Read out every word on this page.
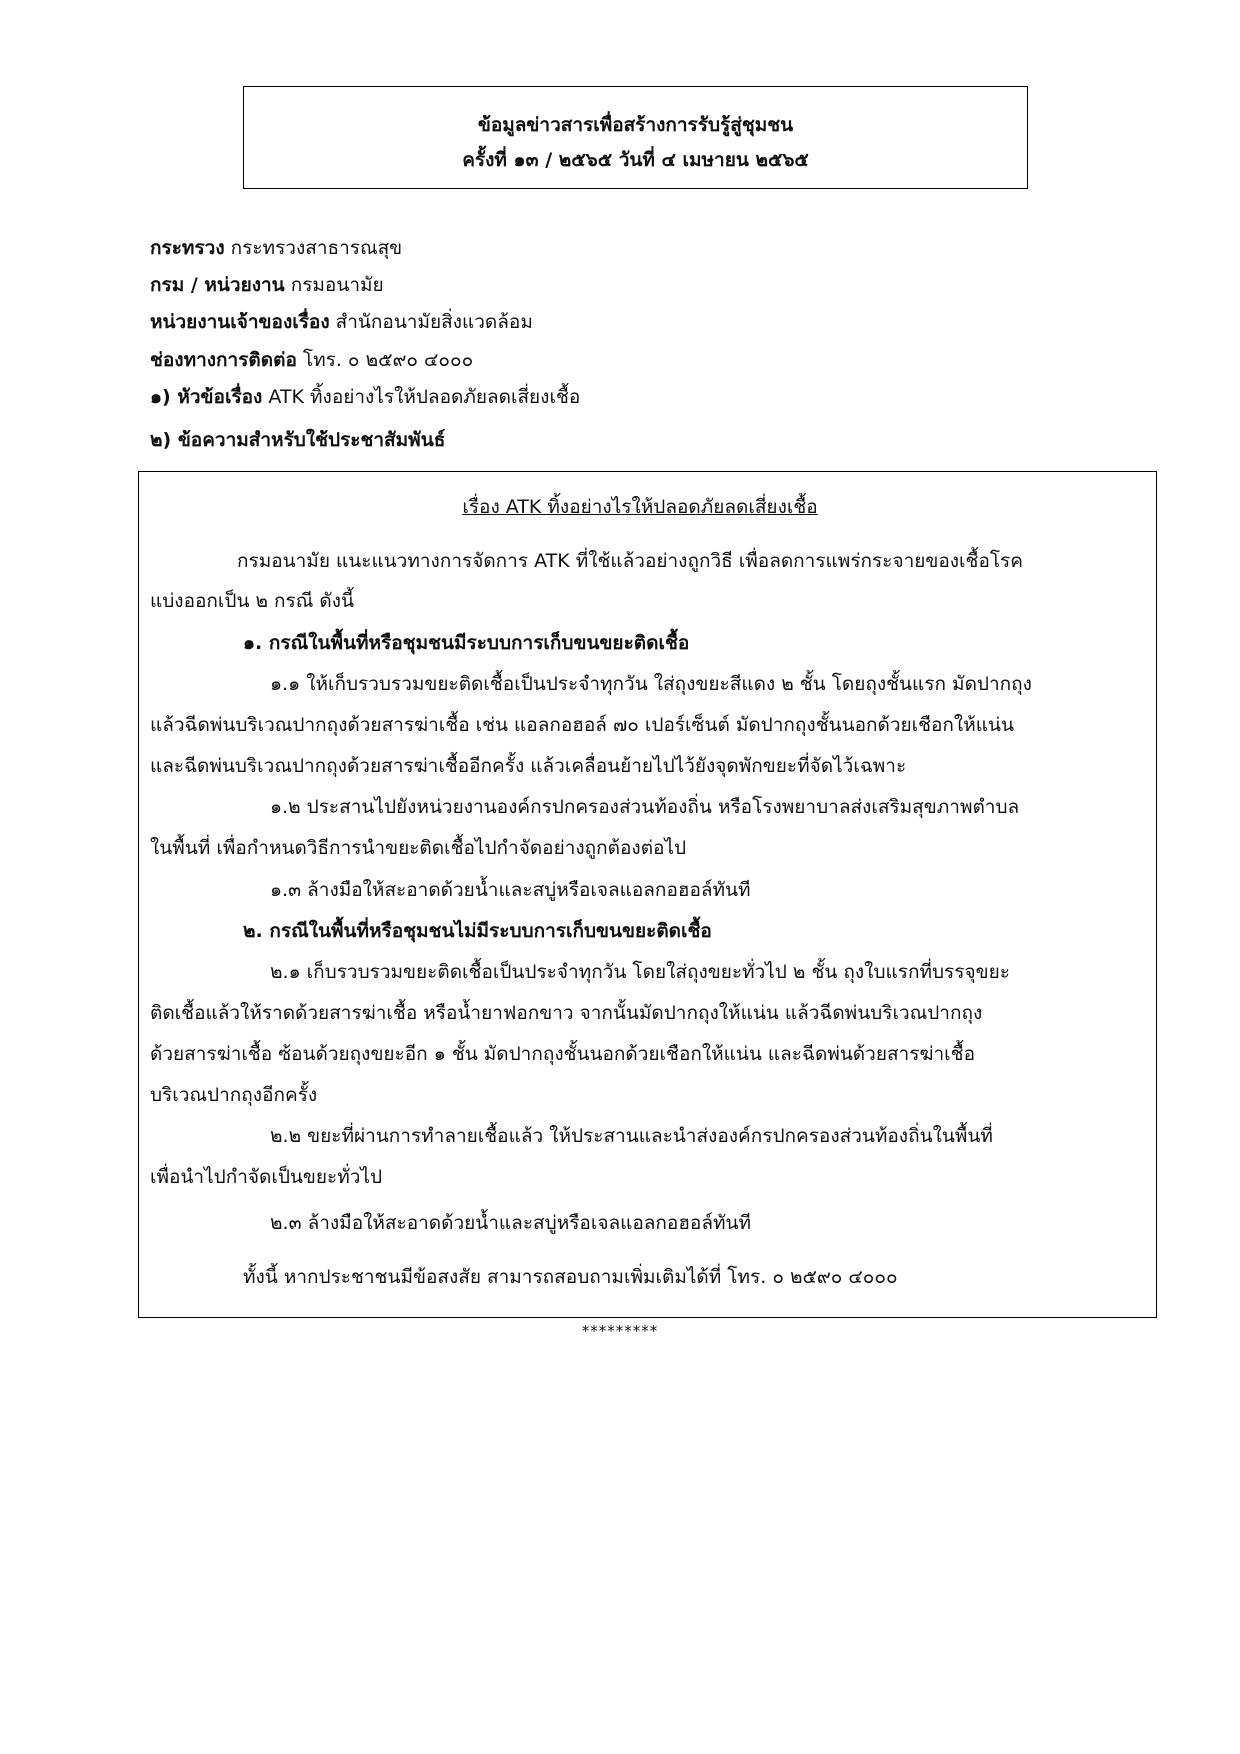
ข้อมูลข่าวสารเพื่อสร้างการรับรู้สู่ชุมชน
ครั้งที่ ๑๓ / ๒๕๖๕ วันที่ ๔ เมษายน ๒๕๖๕
กระทรวง กระทรวงสาธารณสุข
กรม / หน่วยงาน กรมอนามัย
หน่วยงานเจ้าของเรื่อง สำนักอนามัยสิ่งแวดล้อม
ช่องทางการติดต่อ โทร. ๐ ๒๕๙๐ ๔๐๐๐
๑) หัวข้อเรื่อง ATK ทิ้งอย่างไรให้ปลอดภัยลดเสี่ยงเชื้อ
๒) ข้อความสำหรับใช้ประชาสัมพันธ์
เรื่อง ATK ทิ้งอย่างไรให้ปลอดภัยลดเสี่ยงเชื้อ
กรมอนามัย แนะแนวทางการจัดการ ATK ที่ใช้แล้วอย่างถูกวิธี เพื่อลดการแพร่กระจายของเชื้อโรค
แบ่งออกเป็น ๒ กรณี ดังนี้
๑. กรณีในพื้นที่หรือชุมชนมีระบบการเก็บขนขยะติดเชื้อ
๑.๑ ให้เก็บรวบรวมขยะติดเชื้อเป็นประจำทุกวัน ใส่ถุงขยะสีแดง ๒ ชั้น โดยถุงชั้นแรก มัดปากถุง
แล้วฉีดพ่นบริเวณปากถุงด้วยสารฆ่าเชื้อ เช่น แอลกอฮอล์ ๗๐ เปอร์เซ็นต์ มัดปากถุงชั้นนอกด้วยเชือกให้แน่น
และฉีดพ่นบริเวณปากถุงด้วยสารฆ่าเชื้ออีกครั้ง แล้วเคลื่อนย้ายไปไว้ยังจุดพักขยะที่จัดไว้เฉพาะ
๑.๒ ประสานไปยังหน่วยงานองค์กรปกครองส่วนท้องถิ่น หรือโรงพยาบาลส่งเสริมสุขภาพตำบล
ในพื้นที่ เพื่อกำหนดวิธีการนำขยะติดเชื้อไปกำจัดอย่างถูกต้องต่อไป
๑.๓ ล้างมือให้สะอาดด้วยน้ำและสบู่หรือเจลแอลกอฮอล์ทันที
๒. กรณีในพื้นที่หรือชุมชนไม่มีระบบการเก็บขนขยะติดเชื้อ
๒.๑ เก็บรวบรวมขยะติดเชื้อเป็นประจำทุกวัน โดยใส่ถุงขยะทั่วไป ๒ ชั้น ถุงใบแรกที่บรรจุขยะ
ติดเชื้อแล้วให้ราดด้วยสารฆ่าเชื้อ หรือน้ำยาฟอกขาว จากนั้นมัดปากถุงให้แน่น แล้วฉีดพ่นบริเวณปากถุง
ด้วยสารฆ่าเชื้อ ซ้อนด้วยถุงขยะอีก ๑ ชั้น มัดปากถุงชั้นนอกด้วยเชือกให้แน่น และฉีดพ่นด้วยสารฆ่าเชื้อ
บริเวณปากถุงอีกครั้ง
๒.๒ ขยะที่ผ่านการทำลายเชื้อแล้ว ให้ประสานและนำส่งองค์กรปกครองส่วนท้องถิ่นในพื้นที่
เพื่อนำไปกำจัดเป็นขยะทั่วไป
๒.๓ ล้างมือให้สะอาดด้วยน้ำและสบู่หรือเจลแอลกอฮอล์ทันที
ทั้งนี้ หากประชาชนมีข้อสงสัย สามารถสอบถามเพิ่มเติมได้ที่ โทร. ๐ ๒๕๙๐ ๔๐๐๐
*********
